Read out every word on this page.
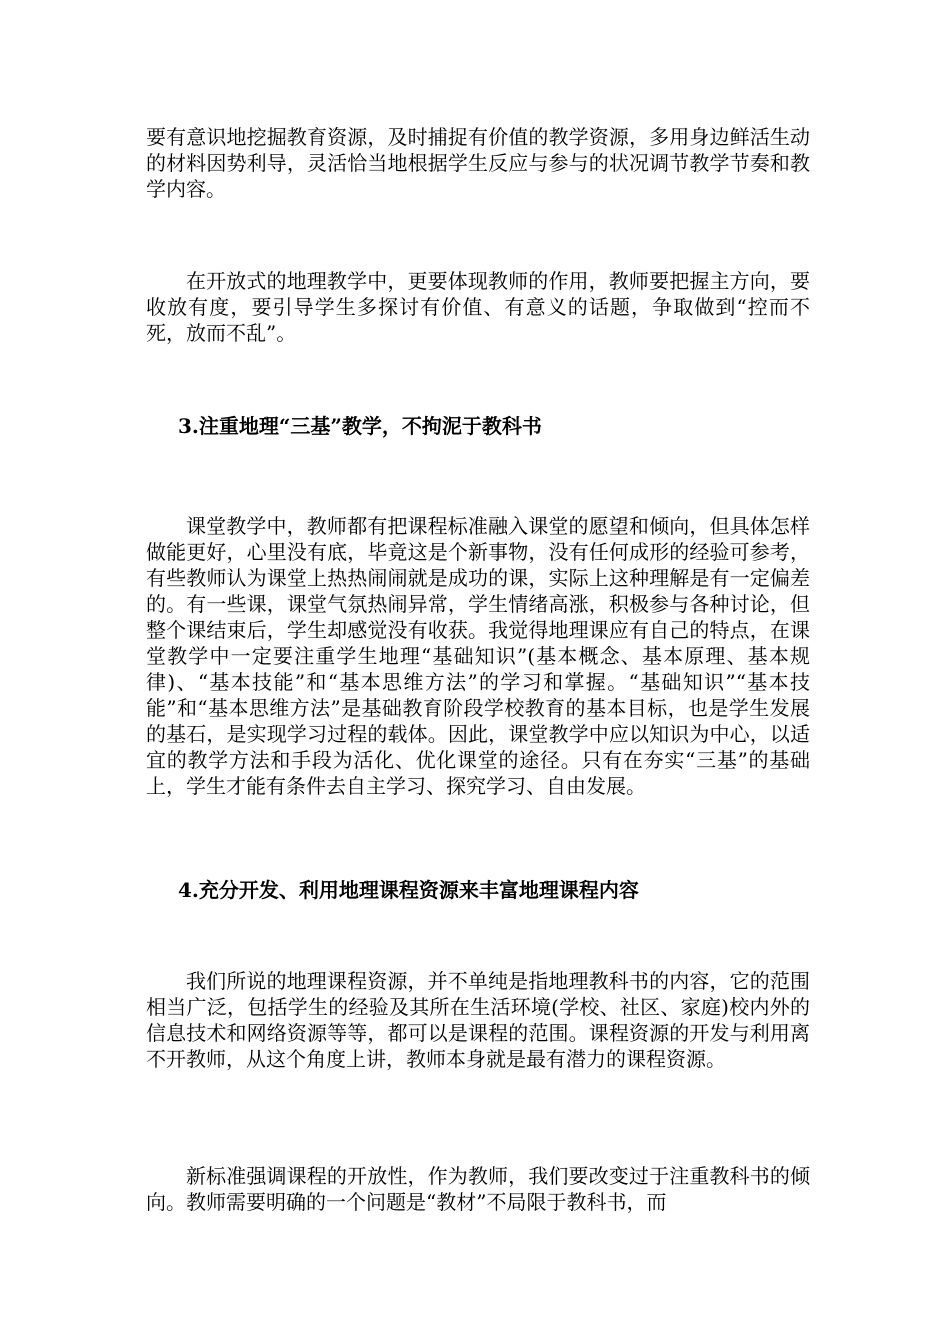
要有意识地挖掘教育资源，及时捕捉有价值的教学资源，多用身边鲜活生动的材料因势利导，灵活恰当地根据学生反应与参与的状况调节教学节奏和教学内容。

在开放式的地理教学中，更要体现教师的作用，教师要把握主方向，要收放有度，要引导学生多探讨有价值、有意义的话题，争取做到“控而不死，放而不乱”。

3.注重地理“三基”教学，不拘泥于教科书

课堂教学中，教师都有把课程标准融入课堂的愿望和倾向，但具体怎样做能更好，心里没有底，毕竟这是个新事物，没有任何成形的经验可参考，有些教师认为课堂上热热闹闹就是成功的课，实际上这种理解是有一定偏差的。有一些课，课堂气氛热闹异常，学生情绪高涨，积极参与各种讨论，但整个课结束后，学生却感觉没有收获。我觉得地理课应有自己的特点，在课堂教学中一定要注重学生地理“基础知识”(基本概念、基本原理、基本规律)、“基本技能”和“基本思维方法”的学习和掌握。“基础知识”“基本技能”和“基本思维方法”是基础教育阶段学校教育的基本目标，也是学生发展的基石，是实现学习过程的载体。因此，课堂教学中应以知识为中心，以适宜的教学方法和手段为活化、优化课堂的途径。只有在夯实“三基”的基础上，学生才能有条件去自主学习、探究学习、自由发展。

4.充分开发、利用地理课程资源来丰富地理课程内容

我们所说的地理课程资源，并不单纯是指地理教科书的内容，它的范围相当广泛，包括学生的经验及其所在生活环境(学校、社区、家庭)校内外的信息技术和网络资源等等，都可以是课程的范围。课程资源的开发与利用离不开教师，从这个角度上讲，教师本身就是最有潜力的课程资源。

新标准强调课程的开放性，作为教师，我们要改变过于注重教科书的倾向。教师需要明确的一个问题是“教材”不局限于教科书，而
